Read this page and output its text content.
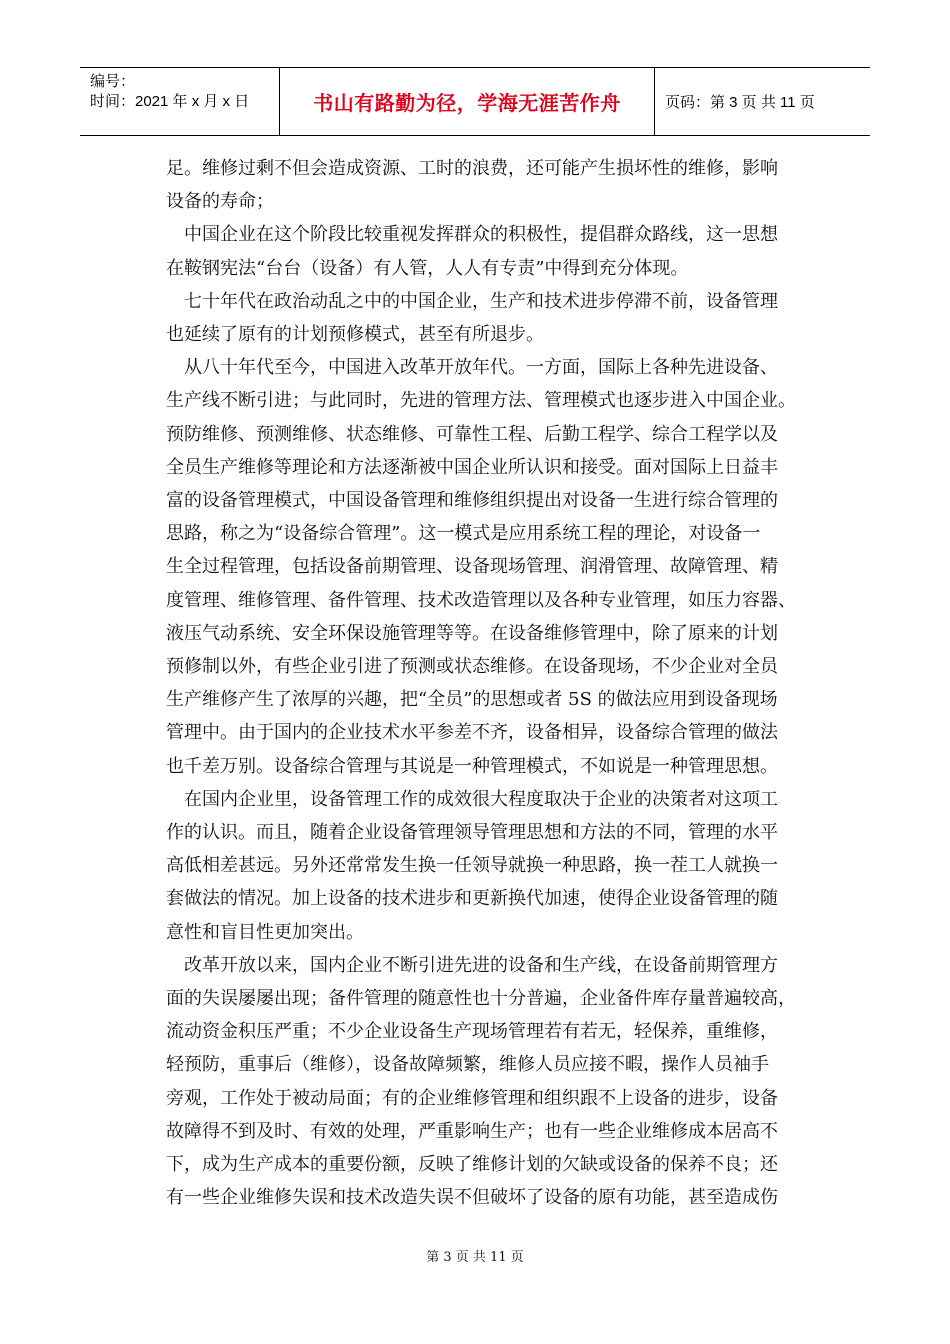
编号：
时间：2021 年 x 月 x 日	书山有路勤为径，学海无涯苦作舟	页码：第 3 页 共 11 页

足。维修过剩不但会造成资源、工时的浪费，还可能产生损坏性的维修，影响

设备的寿命；

　中国企业在这个阶段比较重视发挥群众的积极性，提倡群众路线，这一思想

在鞍钢宪法“台台（设备）有人管，人人有专责”中得到充分体现。

　七十年代在政治动乱之中的中国企业，生产和技术进步停滞不前，设备管理

也延续了原有的计划预修模式，甚至有所退步。

　从八十年代至今，中国进入改革开放年代。一方面，国际上各种先进设备、

生产线不断引进；与此同时，先进的管理方法、管理模式也逐步进入中国企业。

预防维修、预测维修、状态维修、可靠性工程、后勤工程学、综合工程学以及

全员生产维修等理论和方法逐渐被中国企业所认识和接受。面对国际上日益丰

富的设备管理模式，中国设备管理和维修组织提出对设备一生进行综合管理的

思路，称之为“设备综合管理”。这一模式是应用系统工程的理论，对设备一

生全过程管理，包括设备前期管理、设备现场管理、润滑管理、故障管理、精

度管理、维修管理、备件管理、技术改造管理以及各种专业管理，如压力容器、

液压气动系统、安全环保设施管理等等。在设备维修管理中，除了原来的计划

预修制以外，有些企业引进了预测或状态维修。在设备现场，不少企业对全员

生产维修产生了浓厚的兴趣，把“全员”的思想或者 5S 的做法应用到设备现场

管理中。由于国内的企业技术水平参差不齐，设备相异，设备综合管理的做法

也千差万别。设备综合管理与其说是一种管理模式，不如说是一种管理思想。

　在国内企业里，设备管理工作的成效很大程度取决于企业的决策者对这项工

作的认识。而且，随着企业设备管理领导管理思想和方法的不同，管理的水平

高低相差甚远。另外还常常发生换一任领导就换一种思路，换一茬工人就换一

套做法的情况。加上设备的技术进步和更新换代加速，使得企业设备管理的随

意性和盲目性更加突出。

　改革开放以来，国内企业不断引进先进的设备和生产线，在设备前期管理方

面的失误屡屡出现；备件管理的随意性也十分普遍，企业备件库存量普遍较高，

流动资金积压严重；不少企业设备生产现场管理若有若无，轻保养，重维修，

轻预防，重事后（维修），设备故障频繁，维修人员应接不暇，操作人员袖手

旁观，工作处于被动局面；有的企业维修管理和组织跟不上设备的进步，设备

故障得不到及时、有效的处理，严重影响生产；也有一些企业维修成本居高不

下，成为生产成本的重要份额，反映了维修计划的欠缺或设备的保养不良；还

有一些企业维修失误和技术改造失误不但破坏了设备的原有功能，甚至造成伤

第 3 页 共 11 页
